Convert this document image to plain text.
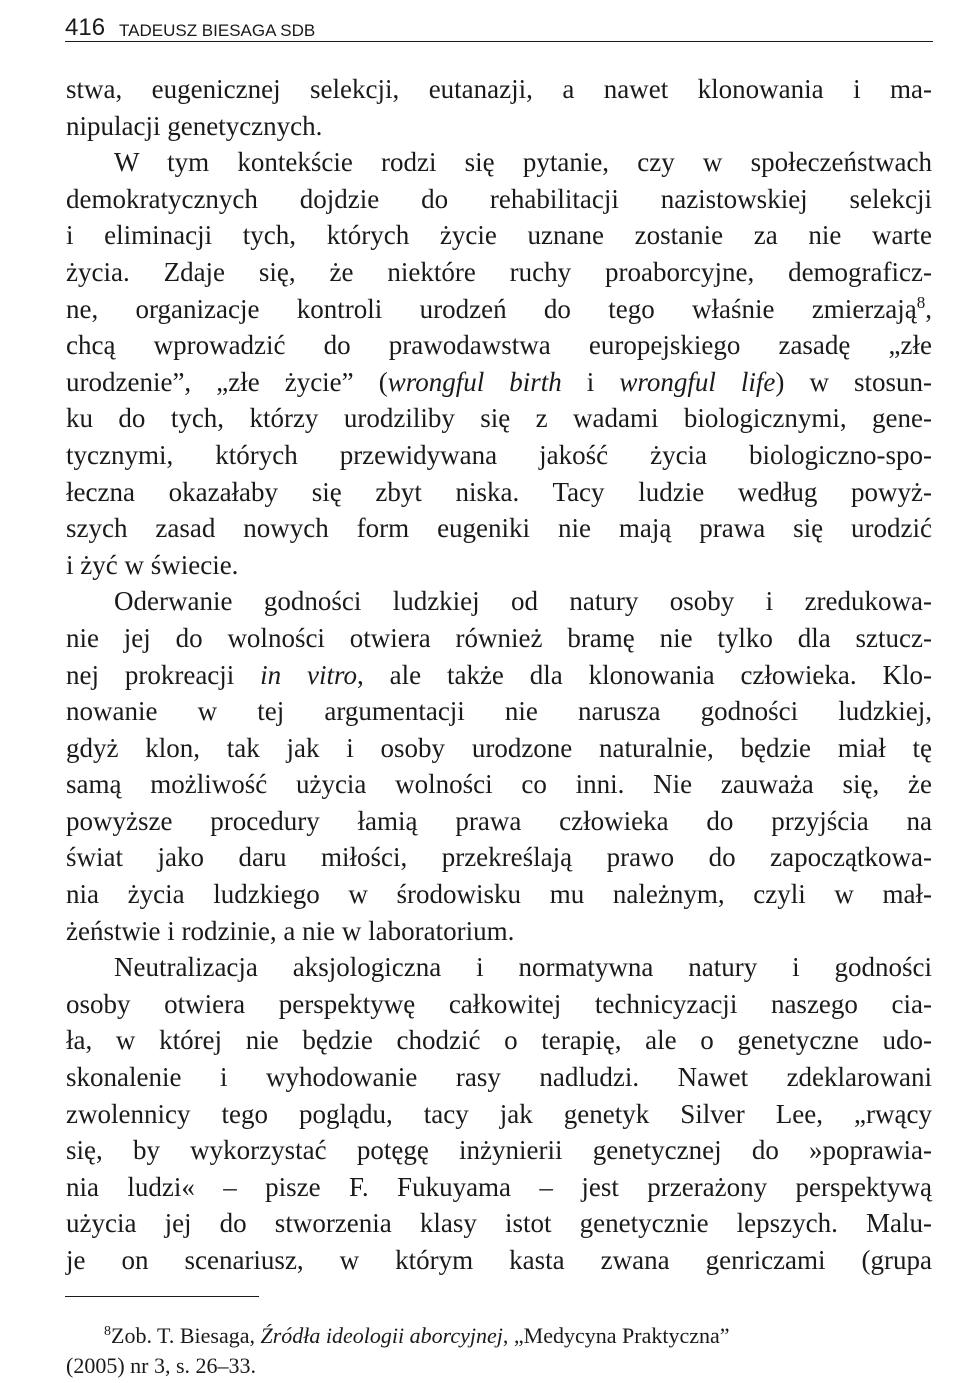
416 TADEUSZ BIESAGA SDB
stwa, eugenicznej selekcji, eutanazji, a nawet klonowania i ma-
nipulacji genetycznych.
W tym kontekście rodzi się pytanie, czy w społeczeństwach
demokratycznych dojdzie do rehabilitacji nazistowskiej selekcji
i eliminacji tych, których życie uznane zostanie za nie warte
życia. Zdaje się, że niektóre ruchy proaborcyjne, demograficz-
ne, organizacje kontroli urodzeń do tego właśnie zmierzają$^8$,
chcą wprowadzić do prawodawstwa europejskiego zasadę „złe
urodzenie”, „złe życie” (wrongful birth i wrongful life) w stosun-
ku do tych, którzy urodziliby się z wadami biologicznymi, gene-
tycznymi, których przewidywana jakość życia biologiczno-spo-
łeczna okazałaby się zbyt niska. Tacy ludzie według powyż-
szych zasad nowych form eugeniki nie mają prawa się urodzić
i żyć w świecie.
Oderwanie godności ludzkiej od natury osoby i zredukowa-
nie jej do wolności otwiera również bramę nie tylko dla sztucz-
nej prokreacji in vitro, ale także dla klonowania człowieka. Klo-
nowanie w tej argumentacji nie narusza godności ludzkiej,
gdyż klon, tak jak i osoby urodzone naturalnie, będzie miał tę
samą możliwość użycia wolności co inni. Nie zauważa się, że
powyższe procedury łamią prawa człowieka do przyjścia na
świat jako daru miłości, przekreślają prawo do zapoczątkowa-
nia życia ludzkiego w środowisku mu należnym, czyli w mał-
żeństwie i rodzinie, a nie w laboratorium.
Neutralizacja aksjologiczna i normatywna natury i godności
osoby otwiera perspektywę całkowitej technicyzacji naszego cia-
ła, w której nie będzie chodzić o terapię, ale o genetyczne udo-
skonalenie i wyhodowanie rasy nadludzi. Nawet zdeklarowani
zwolennicy tego poglądu, tacy jak genetyk Silver Lee, „rwący
się, by wykorzystać potęgę inżynierii genetycznej do »poprawia-
nia ludzi« – pisze F. Fukuyama – jest przerażony perspektywą
użycia jej do stworzenia klasy istot genetycznie lepszych. Malu-
je on scenariusz, w którym kasta zwana genriczami (grupa
$^8$Zob. T. Biesaga, Źródła ideologii aborcyjnej, „Medycyna Praktyczna”
(2005) nr 3, s. 26–33.
